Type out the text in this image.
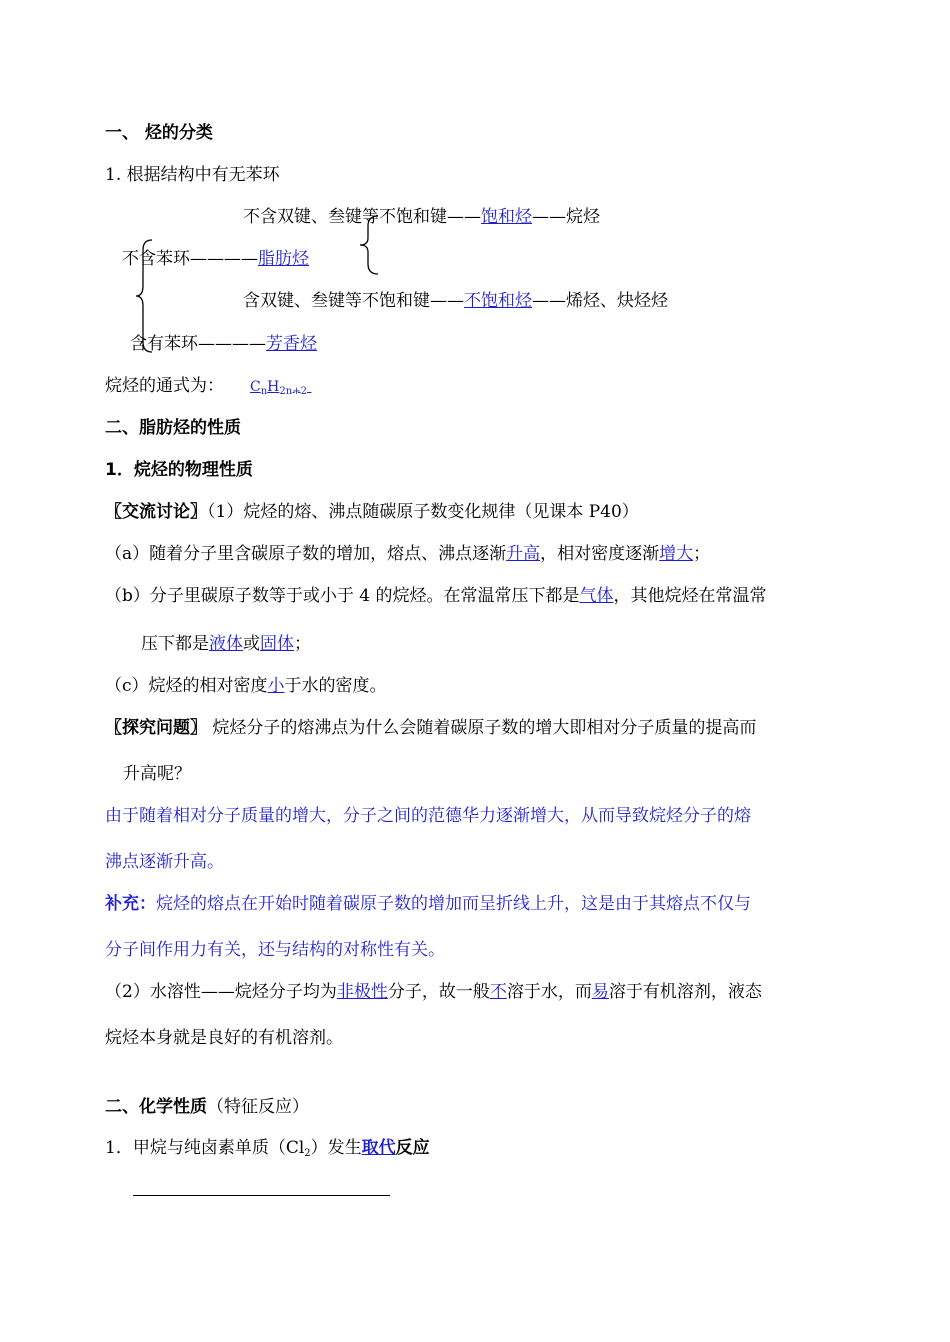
一、 烃的分类
1. 根据结构中有无苯环
不含双键、叁键等不饱和键——饱和烃——烷烃
不含苯环————脂肪烃
含双键、叁键等不饱和键——不饱和烃——烯烃、炔烃烃
含有苯环————芳香烃
烷烃的通式为： $C_nH_{2n+2}$
二、脂肪烃的性质
1．烷烃的物理性质
〖交流讨论〗（1）烷烃的熔、沸点随碳原子数变化规律（见课本 P40）
（a）随着分子里含碳原子数的增加，熔点、沸点逐渐升高，相对密度逐渐增大；
（b）分子里碳原子数等于或小于 4 的烷烃。在常温常压下都是气体，其他烷烃在常温常
压下都是液体或固体；
（c）烷烃的相对密度小于水的密度。
〖探究问题〗 烷烃分子的熔沸点为什么会随着碳原子数的增大即相对分子质量的提高而
升高呢？
由于随着相对分子质量的增大，分子之间的范德华力逐渐增大，从而导致烷烃分子的熔
沸点逐渐升高。
补充：烷烃的熔点在开始时随着碳原子数的增加而呈折线上升，这是由于其熔点不仅与
分子间作用力有关，还与结构的对称性有关。
（2）水溶性——烷烃分子均为非极性分子，故一般不溶于水，而易溶于有机溶剂，液态
烷烃本身就是良好的有机溶剂。
二、化学性质（特征反应）
1．甲烷与纯卤素单质$(Cl_2)$发生取代反应
